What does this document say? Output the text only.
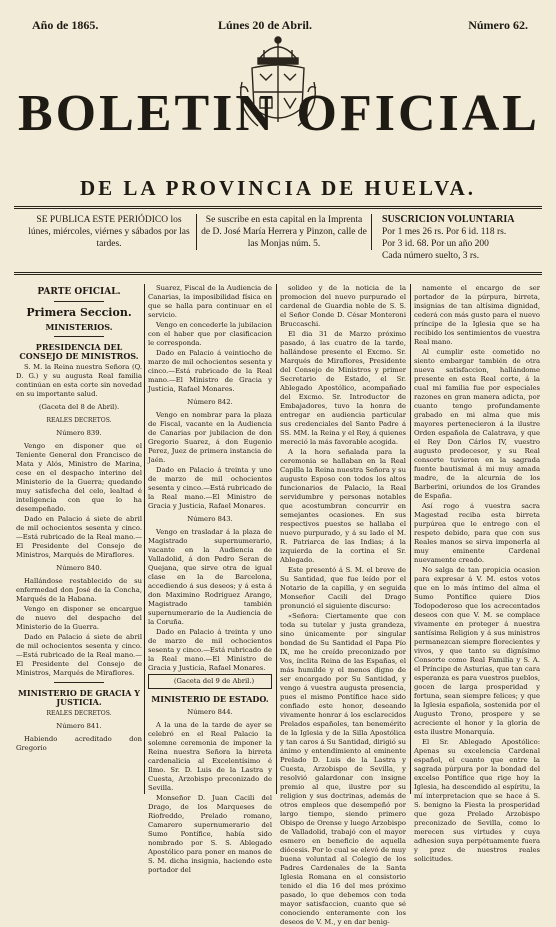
Año de 1865.	Lúnes 20 de Abril.	Número 62.
BOLETIN OFICIAL
DE LA PROVINCIA DE HUELVA.
SE PUBLICA ESTE PERIÓDICO los lúnes, miércoles, viérnes y sábados por las tardes.
Se suscribe en esta capital en la Imprenta de D. José María Herrera y Pinzon, calle de las Monjas núm. 5.
SUSCRICION VOLUNTARIA
Por 1 mes 26 rs. Por 6 id. 118 rs.
Por 3 id. 68. Por un año 200
Cada número suelto, 3 rs.

PARTE OFICIAL.

Primera Seccion.

MINISTERIOS.

PRESIDENCIA DEL CONSEJO DE MINISTROS.

S. M. la Reina nuestra Señora (Q. D. G.) y su augusta Real familia continúan en esta corte sin novedad en su importante salud.

(Gaceta del 8 de Abril).

REALES DECRETOS.

Número 839.

Vengo en disponer que el Teniente General don Francisco de Mata y Alós, Ministro de Marina, cese en el despacho interino del Ministerio de la Guerra; quedando muy satisfecha del celo, lealtad é inteligencia con que lo ha desempeñado.

Dado en Palacio á siete de abril de mil ochocientos sesenta y cinco.—Está rubricado de la Real mano.—El Presidente del Consejo de Ministros, Marqués de Miraflores.

Número 840.

Hallándose restablecido de su enfermedad don José de la Concha, Marqués de la Habana.

Vengo en disponer se encargue de nuevo del despacho del Ministerio de la Guerra.

Dado en Palacio á siete de abril de mil ochocientos sesenta y cinco.—Está rubricado de la Real mano.—El Presidente del Consejo de Ministros, Marqués de Miraflores.

MINISTERIO DE GRACIA Y JUSTICIA.

REALES DECRETOS.

Número 841.

Habiendo acreditado don Gregorio

Suarez, Fiscal de la Audiencia de Canarias, la imposibilidad física en que se halla para continuar en el servicio.

Vengo en concederle la jubilacion con el haber que por clasificacion le corresponda.

Dado en Palacio á veintiocho de marzo de mil ochocientos sesenta y cinco.—Está rubricado de la Real mano.—El Ministro de Gracia y Justicia, Rafael Monares.

Número 842.

Vengo en nombrar para la plaza de Fiscal, vacante en la Audiencia de Canarias por jubilacion de don Gregorio Suarez, á don Eugenio Perez, Juez de primera instancia de Jaén.

Dado en Palacio á treinta y uno de marzo de mil ochocientos sesenta y cinco.—Está rubricado de la Real mano.—El Ministro de Gracia y Justicia, Rafael Monares.

Número 843.

Vengo en trasladar á la plaza de Magistrado supernumerario, vacante en la Audiencia de Valladolid, á don Pedro Seran de Quejana, que sirve otra de igual clase en la de Barcelona, accediendo á sus deseos; y á esta á don Maximino Rodriguez Arango, Magistrado también supernumerario de la Audiencia de la Coruña.

Dado en Palacio á treinta y uno de marzo de mil ochocientos sesenta y cinco.—Está rubricado de la Real mano.—El Ministro de Gracia y Justicia, Rafael Monares.

(Gaceta del 9 de Abril.)

MINISTERIO DE ESTADO.

Número 844.

A la una de la tarde de ayer se celebró en el Real Palacio la solemne ceremonia de imponer la Reina nuestra Señora la birreta cardenalicia al Excelentísimo é Ilmo. Sr. D. Luis de la Lastra y Cuesta, Arzobispo preconizado de Sevilla.

Monseñor D. Juan Cacili del Drago, de los Marqueses de Riofreddo, Prelado romano, Camarero supernumerario del Sumo Pontífice, había sido nombrado por S. S. Ablegado Apostólico para poner en manos de S. M. dicha insignia, haciendo este portador del

solideo y de la noticia de la promocion del nuevo purpurado el cardenal de Guardia noble de S. S. el Señor Conde D. César Monteroni Bruccaschi.

El dia 31 de Marzo próximo pasado, á las cuatro de la tarde, hallándose presente el Excmo. Sr. Marqués de Miraflores, Presidente del Consejo de Ministros y primer Secretario de Estado, el Sr. Ablegado Apostólico, acompañado del Excmo. Sr. Introductor de Embajadores, tuvo la honra de entregar en audiencia particular sus credenciales del Santo Padre á SS. MM. la Reina y el Rey, á quienes mereció la más favorable acogida.

A la hora señalada para la ceremonia se hallaban en la Real Capilla la Reina nuestra Señora y su augusto Esposo con todos los altos funcionarios de Palacio, la Real servidumbre y personas notables que acostumbran concurrir en semejantes ocasiones. En sus respectivos puestos se hallaba el nuevo purpurado, y á su lado el M. R. Patriarca de las Indias; á la izquierda de la cortina el Sr. Ablegado.

Este presentó á S. M. el breve de Su Santidad, que fue leído por el Notario de la capilla, y en seguida Monseñor Cacili del Drago pronunció el siguiente discurso:

«Señora: Ciertamente que con toda su tutelar y justa grandeza, sino únicamente por singular bondad de Su Santidad el Papa Pío IX, me he creído preconizado por Vos, ínclita Reina de las Españas, el más humilde y el menos digno de ser encargado por Su Santidad, y vengo á vuestra augusta presencia, pues el mismo Pontífice hace sido confiado este honor, deseando vivamente honrar á los esclarecidos Prelados españoles, tan benemérito de la Iglesia y de la Silla Apostólica y tan caros á Su Santidad, dirigió su ánimo y entendimiento al eminente Prelado D. Luis de la Lastra y Cuesta, Arzobispo de Sevilla, y resolvió galardonar con insigne premio al que, ilustre por su religion y sus doctrinas, además de otros empleos que desempeñó por largo tiempo, siendo primero Obispo de Orense y luego Arzobispo de Valladolid, trabajó con el mayor esmero en beneficio de aquella diócesis. Por lo cual se elevó de muy buena voluntad al Colegio de los Padres Cardenales de la Santa Iglesia Romana en el consistorio tenido el dia 16 del mes próximo pasado, lo que debemos con toda mayor satisfaccion, cuanto que sé conociendo enteramente con los deseos de V. M., y en dar benig-

namente el encargo de ser portador de la púrpura, birreta, insignias de tan altísima dignidad, cederá con más gusto para el nuevo príncipe de la Iglesia que se ha recibido los sentimientos de vuestra Real mano.

Al cumplir este cometido no siento embargar también de otra nueva satisfaccion, hallándome presente en esta Real corte, á la cual mi familia fue por especiales razones en gran manera adicta, por cuanto tengo profundamente grabado en mi alma que mis mayores pertenecieron á la ilustre Orden española de Calatrava, y que el Rey Don Cárlos IV, vuestro augusto predecesor, y su Real consorte tuvieron en la sagrada fuente bautismal á mi muy amada madre, de la alcurnia de los Barberini, oriundos de los Grandes de España.

Así rogo á vuestra sacra Magestad reciba esta birreta purpúrea que le entrego con el respeto debido, para que con sus Reales manos se sirva imponerla al muy eminente Cardenal nuevamente creado.

No salga de tan propicia ocasion para expresar á V. M. estos votos que en lo más íntimo del alma el Sumo Pontífice quiere Dios Todopoderoso que los acrecentados deseos con que V. M. se complace vivamente en proteger á nuestra santísima Religion y á sus ministros permanezcan siempre florecientes y vivos, y que tanto su dignísimo Consorte como Real Familia y S. A. el Príncipe de Asturias, que tan cara esperanza es para vuestros pueblos, gocen de larga prosperidad y fortuna, sean siempre felices; y que la Iglesia española, sostenida por el Augusto Trono, prospere y se acreciente el honor y la gloria de esta ilustre Monarquía.

El Sr. Ablegado Apostólico: Apenas su excelencia Cardenal español, el cuanto que entre la sagrada púrpura por la bondad del excelso Pontífice que rige hoy la Iglesia, ha descendido al espíritu, la mí interpretacion que se hace á S. S. benigno la Fiesta la prosperidad que goza Prelado Arzobispo preconizado de Sevilla, como lo merecen sus virtudes y cuya adhesion suya perpétuamente fuera y prez de nuestros reales solicitudes.
